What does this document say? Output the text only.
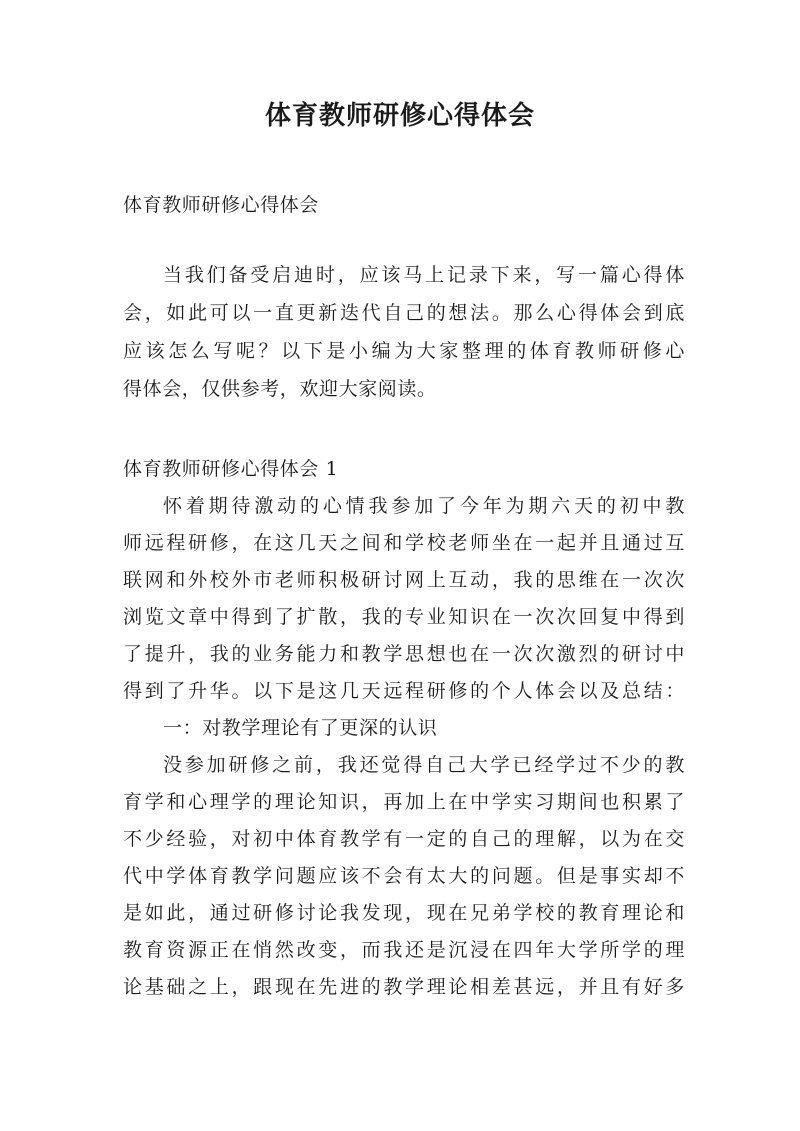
体育教师研修心得体会
体育教师研修心得体会
当我们备受启迪时，应该马上记录下来，写一篇心得体
会，如此可以一直更新迭代自己的想法。那么心得体会到底
应该怎么写呢？以下是小编为大家整理的体育教师研修心
得体会，仅供参考，欢迎大家阅读。
体育教师研修心得体会 1
怀着期待激动的心情我参加了今年为期六天的初中教
师远程研修，在这几天之间和学校老师坐在一起并且通过互
联网和外校外市老师积极研讨网上互动，我的思维在一次次
浏览文章中得到了扩散，我的专业知识在一次次回复中得到
了提升，我的业务能力和教学思想也在一次次激烈的研讨中
得到了升华。以下是这几天远程研修的个人体会以及总结：
一：对教学理论有了更深的认识
没参加研修之前，我还觉得自己大学已经学过不少的教
育学和心理学的理论知识，再加上在中学实习期间也积累了
不少经验，对初中体育教学有一定的自己的理解，以为在交
代中学体育教学问题应该不会有太大的问题。但是事实却不
是如此，通过研修讨论我发现，现在兄弟学校的教育理论和
教育资源正在悄然改变，而我还是沉浸在四年大学所学的理
论基础之上，跟现在先进的教学理论相差甚远，并且有好多
